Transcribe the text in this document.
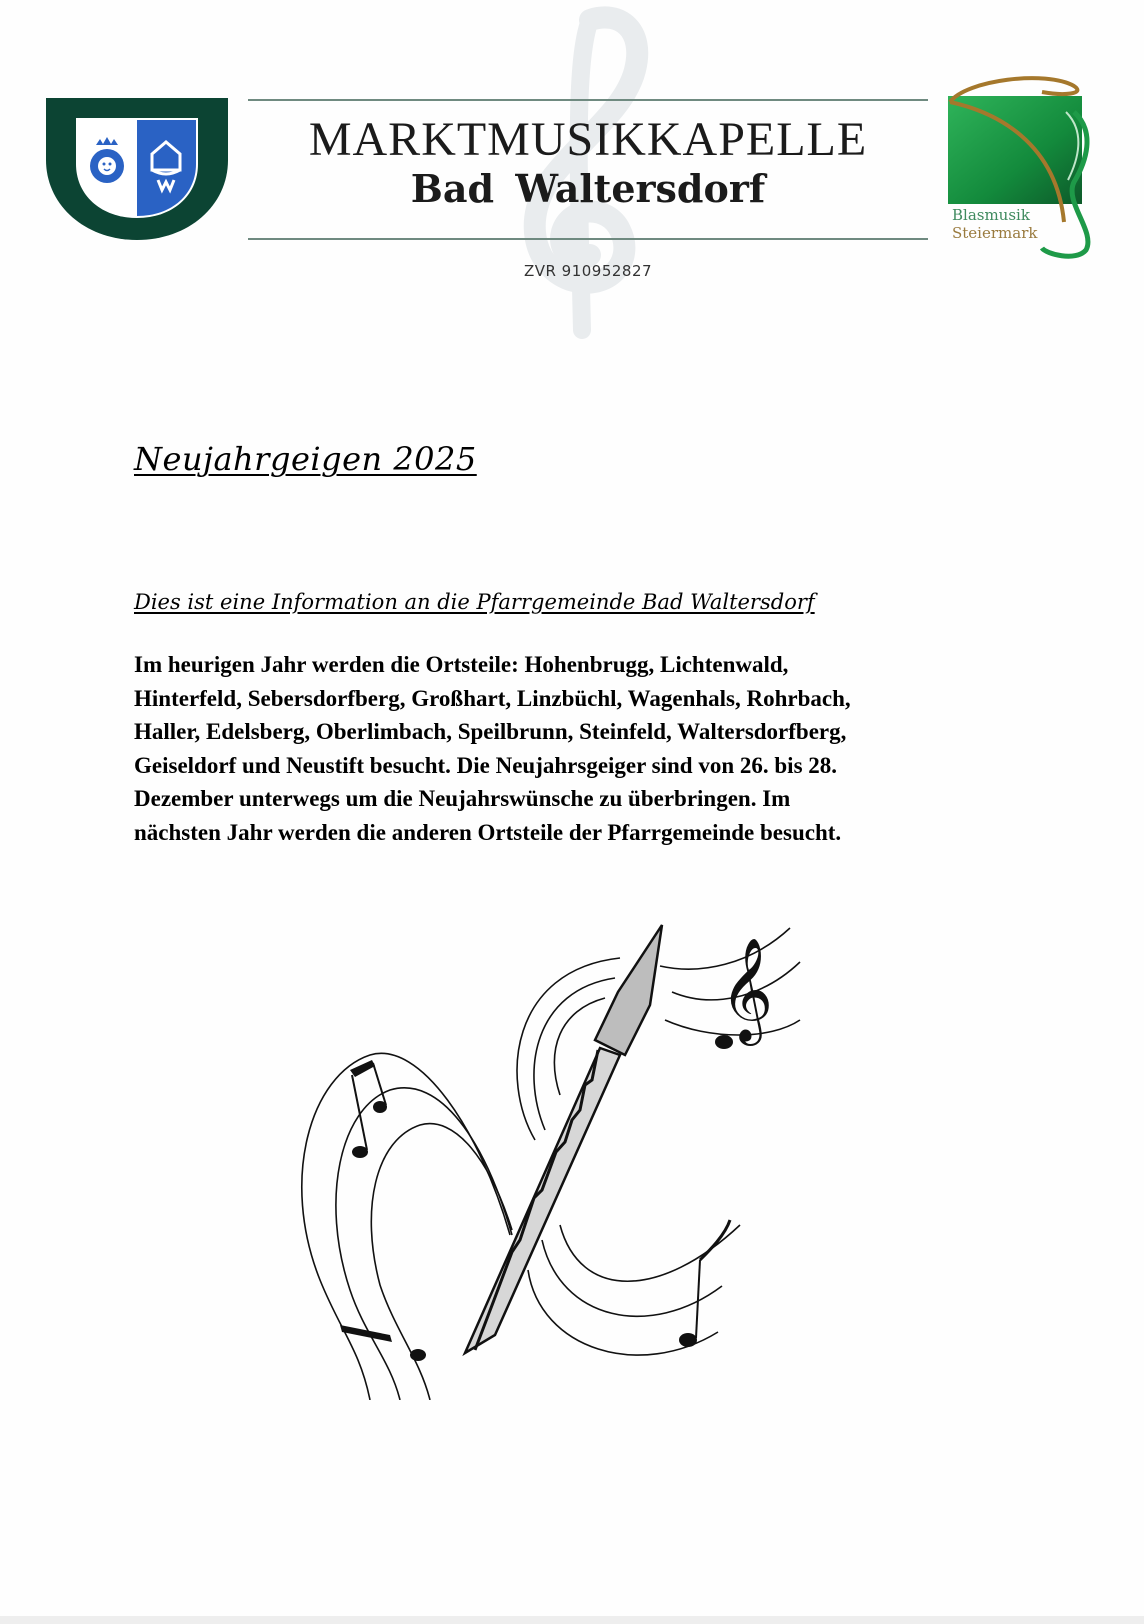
MARKTMUSIKKAPELLE
Bad Waltersdorf
ZVR 910952827
Blasmusik
Steiermark
Neujahrgeigen 2025
Dies ist eine Information an die Pfarrgemeinde Bad Waltersdorf
Im heurigen Jahr werden die Ortsteile: Hohenbrugg, Lichtenwald,
Hinterfeld, Sebersdorfberg, Großhart, Linzbüchl, Wagenhals, Rohrbach,
Haller, Edelsberg, Oberlimbach, Speilbrunn, Steinfeld, Waltersdorfberg,
Geiseldorf und Neustift besucht. Die Neujahrsgeiger sind von 26. bis 28.
Dezember unterwegs um die Neujahrswünsche zu überbringen. Im
nächsten Jahr werden die anderen Ortsteile der Pfarrgemeinde besucht.
𝄞
